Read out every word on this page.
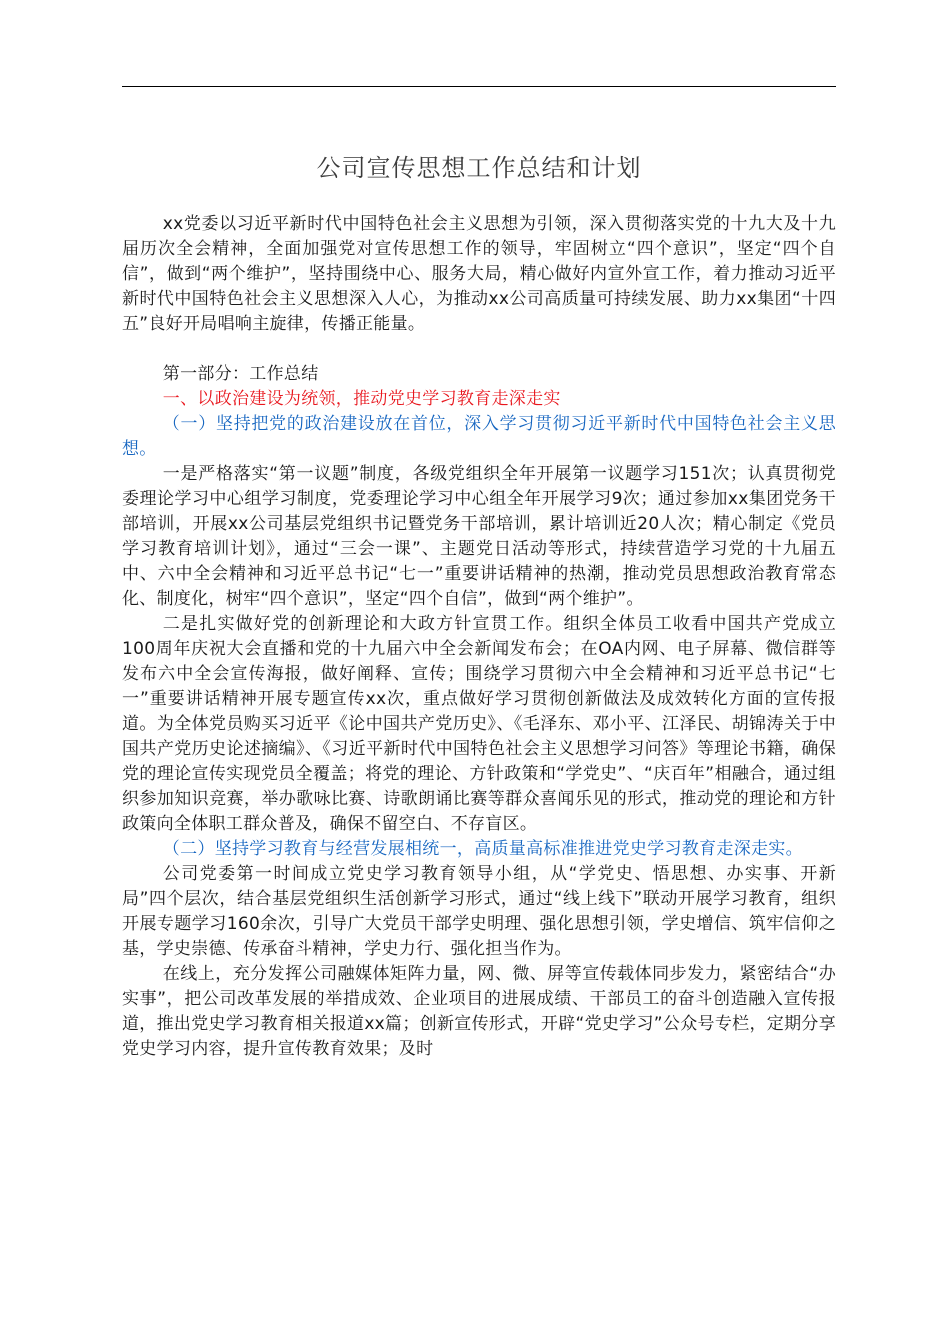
公司宣传思想工作总结和计划

xx党委以习近平新时代中国特色社会主义思想为引领，深入贯彻落实党的十九大及十九届历次全会精神，全面加强党对宣传思想工作的领导，牢固树立“四个意识”，坚定“四个自信”，做到“两个维护”，坚持围绕中心、服务大局，精心做好内宣外宣工作，着力推动习近平新时代中国特色社会主义思想深入人心，为推动xx公司高质量可持续发展、助力xx集团“十四五”良好开局唱响主旋律，传播正能量。

第一部分：工作总结

一、以政治建设为统领，推动党史学习教育走深走实

（一）坚持把党的政治建设放在首位，深入学习贯彻习近平新时代中国特色社会主义思想。

一是严格落实“第一议题”制度，各级党组织全年开展第一议题学习151次；认真贯彻党委理论学习中心组学习制度，党委理论学习中心组全年开展学习9次；通过参加xx集团党务干部培训，开展xx公司基层党组织书记暨党务干部培训，累计培训近20人次；精心制定《党员学习教育培训计划》，通过“三会一课”、主题党日活动等形式，持续营造学习党的十九届五中、六中全会精神和习近平总书记“七一”重要讲话精神的热潮，推动党员思想政治教育常态化、制度化，树牢“四个意识”，坚定“四个自信”，做到“两个维护”。

二是扎实做好党的创新理论和大政方针宣贯工作。组织全体员工收看中国共产党成立100周年庆祝大会直播和党的十九届六中全会新闻发布会；在OA内网、电子屏幕、微信群等发布六中全会宣传海报，做好阐释、宣传；围绕学习贯彻六中全会精神和习近平总书记“七一”重要讲话精神开展专题宣传xx次，重点做好学习贯彻创新做法及成效转化方面的宣传报道。为全体党员购买习近平《论中国共产党历史》、《毛泽东、邓小平、江泽民、胡锦涛关于中国共产党历史论述摘编》、《习近平新时代中国特色社会主义思想学习问答》等理论书籍，确保党的理论宣传实现党员全覆盖；将党的理论、方针政策和“学党史”、“庆百年”相融合，通过组织参加知识竞赛，举办歌咏比赛、诗歌朗诵比赛等群众喜闻乐见的形式，推动党的理论和方针政策向全体职工群众普及，确保不留空白、不存盲区。

（二）坚持学习教育与经营发展相统一，高质量高标准推进党史学习教育走深走实。

公司党委第一时间成立党史学习教育领导小组，从“学党史、悟思想、办实事、开新局”四个层次，结合基层党组织生活创新学习形式，通过“线上线下”联动开展学习教育，组织开展专题学习160余次，引导广大党员干部学史明理、强化思想引领，学史增信、筑牢信仰之基，学史崇德、传承奋斗精神，学史力行、强化担当作为。

在线上，充分发挥公司融媒体矩阵力量，网、微、屏等宣传载体同步发力，紧密结合“办实事”，把公司改革发展的举措成效、企业项目的进展成绩、干部员工的奋斗创造融入宣传报道，推出党史学习教育相关报道xx篇；创新宣传形式，开辟“党史学习”公众号专栏，定期分享党史学习内容，提升宣传教育效果；及时
